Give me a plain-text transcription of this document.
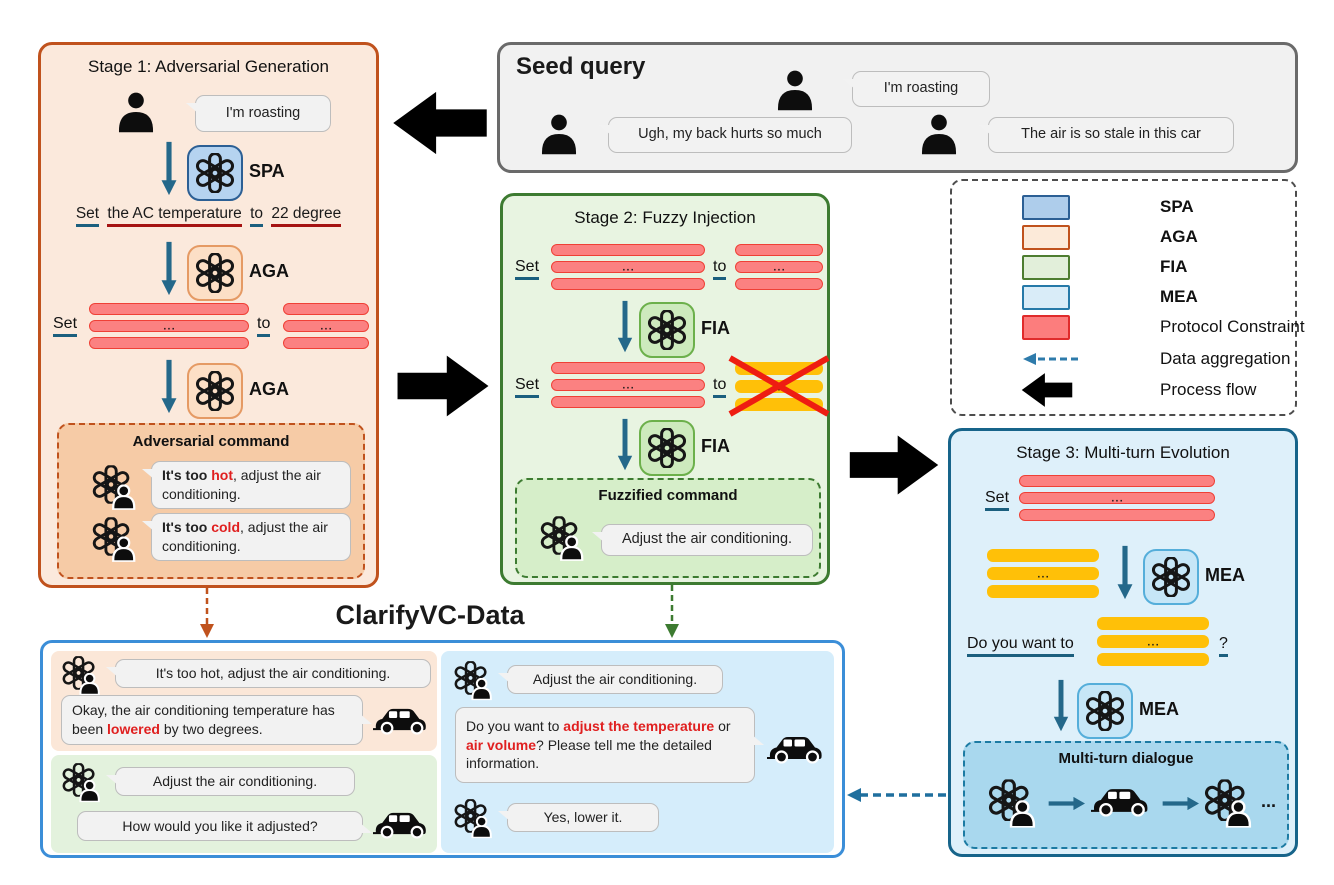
Stage 1: Adversarial Generation
I'm roasting
SPA
Set the AC temperature to 22 degree
AGA
Set	...	to	...
AGA
Adversarial command
It's too hot, adjust the air conditioning.
It's too cold, adjust the air conditioning.
Seed query
I'm roasting
Ugh, my back hurts so much	The air is so stale in this car
Stage 2: Fuzzy Injection
Set	...	to	...
FIA
Set	...	to
FIA
Fuzzified command
Adjust the air conditioning.
SPA
AGA
FIA
MEA
Protocol Constraint
Data aggregation
Process flow
Stage 3: Multi-turn Evolution
Set	...
...	MEA
Do you want to	...	?
MEA
Multi-turn dialogue
...
ClarifyVC-Data
It's too hot, adjust the air conditioning.
Okay, the air conditioning temperature has been lowered by two degrees.
Adjust the air conditioning.
How would you like it adjusted?
Adjust the air conditioning.
Do you want to adjust the temperature or air volume? Please tell me the detailed information.
Yes, lower it.
